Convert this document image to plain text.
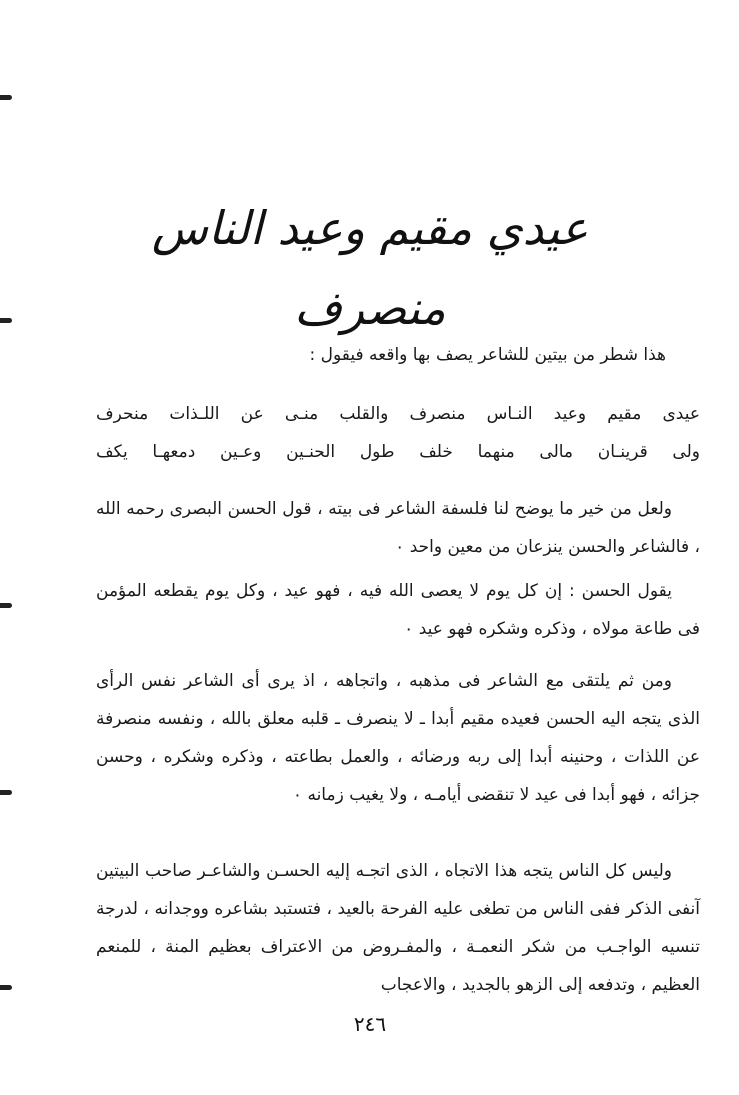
عيدي مقيم وعيد الناس منصرف
هذا شطر من بيتين للشاعر يصف بها واقعه فيقول :
عيدى مقيم وعيد النـاس منصرف والقلب منـى عن اللـذات منحرف
ولى قرينـان مالى منهما خلف طول الحنـين وعـين دمعهـا يكف
ولعل من خير ما يوضح لنا فلسفة الشاعر فى بيته ، قول الحسن البصرى رحمه الله ، فالشاعر والحسن ينزعان من معين واحد ٠
يقول الحسن : إن كل يوم لا يعصى الله فيه ، فهو عيد ، وكل يوم يقطعه المؤمن فى طاعة مولاه ، وذكره وشكره فهو عيد ٠
ومن ثم يلتقى مع الشاعر فى مذهبه ، واتجاهه ، اذ يرى أى الشاعر نفس الرأى الذى يتجه اليه الحسن فعيده مقيم أبدا ـ لا ينصرف ـ قلبه معلق بالله ، ونفسه منصرفة عن اللذات ، وحنينه أبدا إلى ربه ورضائه ، والعمل بطاعته ، وذكره وشكره ، وحسن جزائه ، فهو أبدا فى عيد لا تنقضى أيامـه ، ولا يغيب زمانه ٠
وليس كل الناس يتجه هذا الاتجاه ، الذى اتجـه إليه الحسـن والشاعـر صاحب البيتين آنفى الذكر ففى الناس من تطغى عليه الفرحة بالعيد ، فتستبد بشاعره ووجدانه ، لدرجة تنسيه الواجـب من شكر النعمـة ، والمفـروض من الاعتراف بعظيم المنة ، للمنعم العظيم ، وتدفعه إلى الزهو بالجديد ، والاعجاب
٢٤٦
